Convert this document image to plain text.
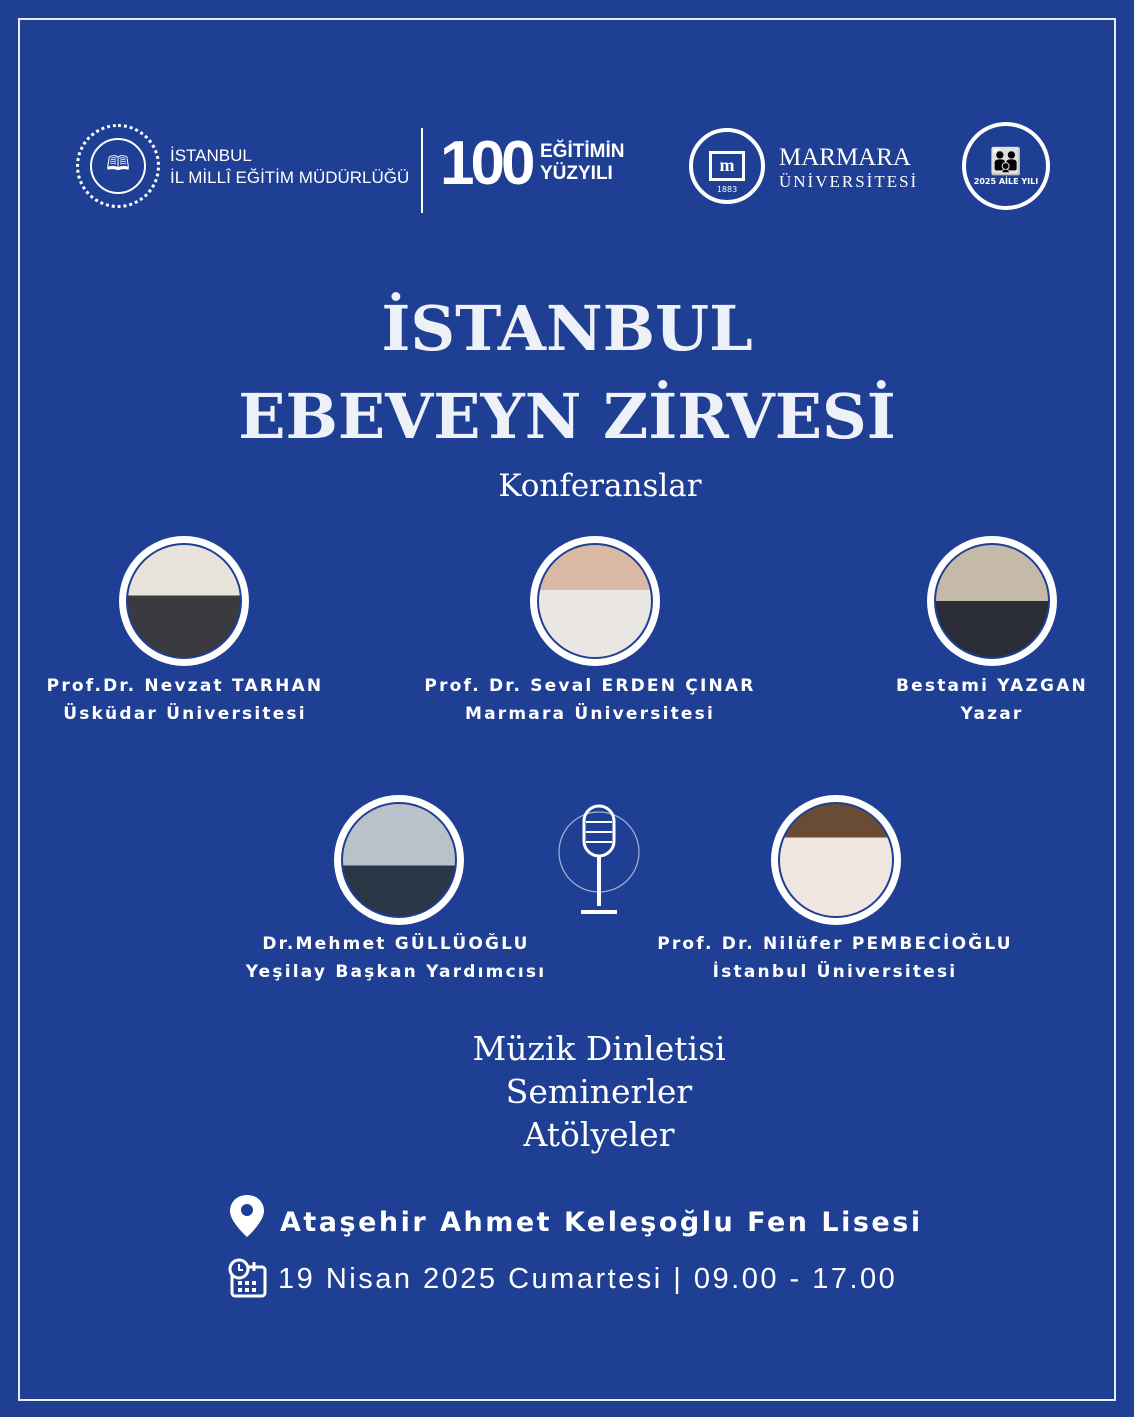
🕮	İSTANBUL
İL MİLLÎ EĞİTİM MÜDÜRLÜĞÜ 100 EĞİTİMİN
YÜZYILI	m
1883
MARMARA
ÜNİVERSİTESİ
👪
2025 AİLE YILI
İSTANBUL
EBEVEYN ZİRVESİ
Konferanslar
Prof.Dr. Nevzat TARHAN
Üsküdar Üniversitesi
Prof. Dr. Seval ERDEN ÇINAR
Marmara Üniversitesi
Bestami YAZGAN
Yazar
Dr.Mehmet GÜLLÜOĞLU
Yeşilay Başkan Yardımcısı
Prof. Dr. Nilüfer PEMBECİOĞLU
İstanbul Üniversitesi
Müzik Dinletisi
Seminerler
Atölyeler
Ataşehir Ahmet Keleşoğlu Fen Lisesi
19 Nisan 2025 Cumartesi | 09.00 - 17.00
